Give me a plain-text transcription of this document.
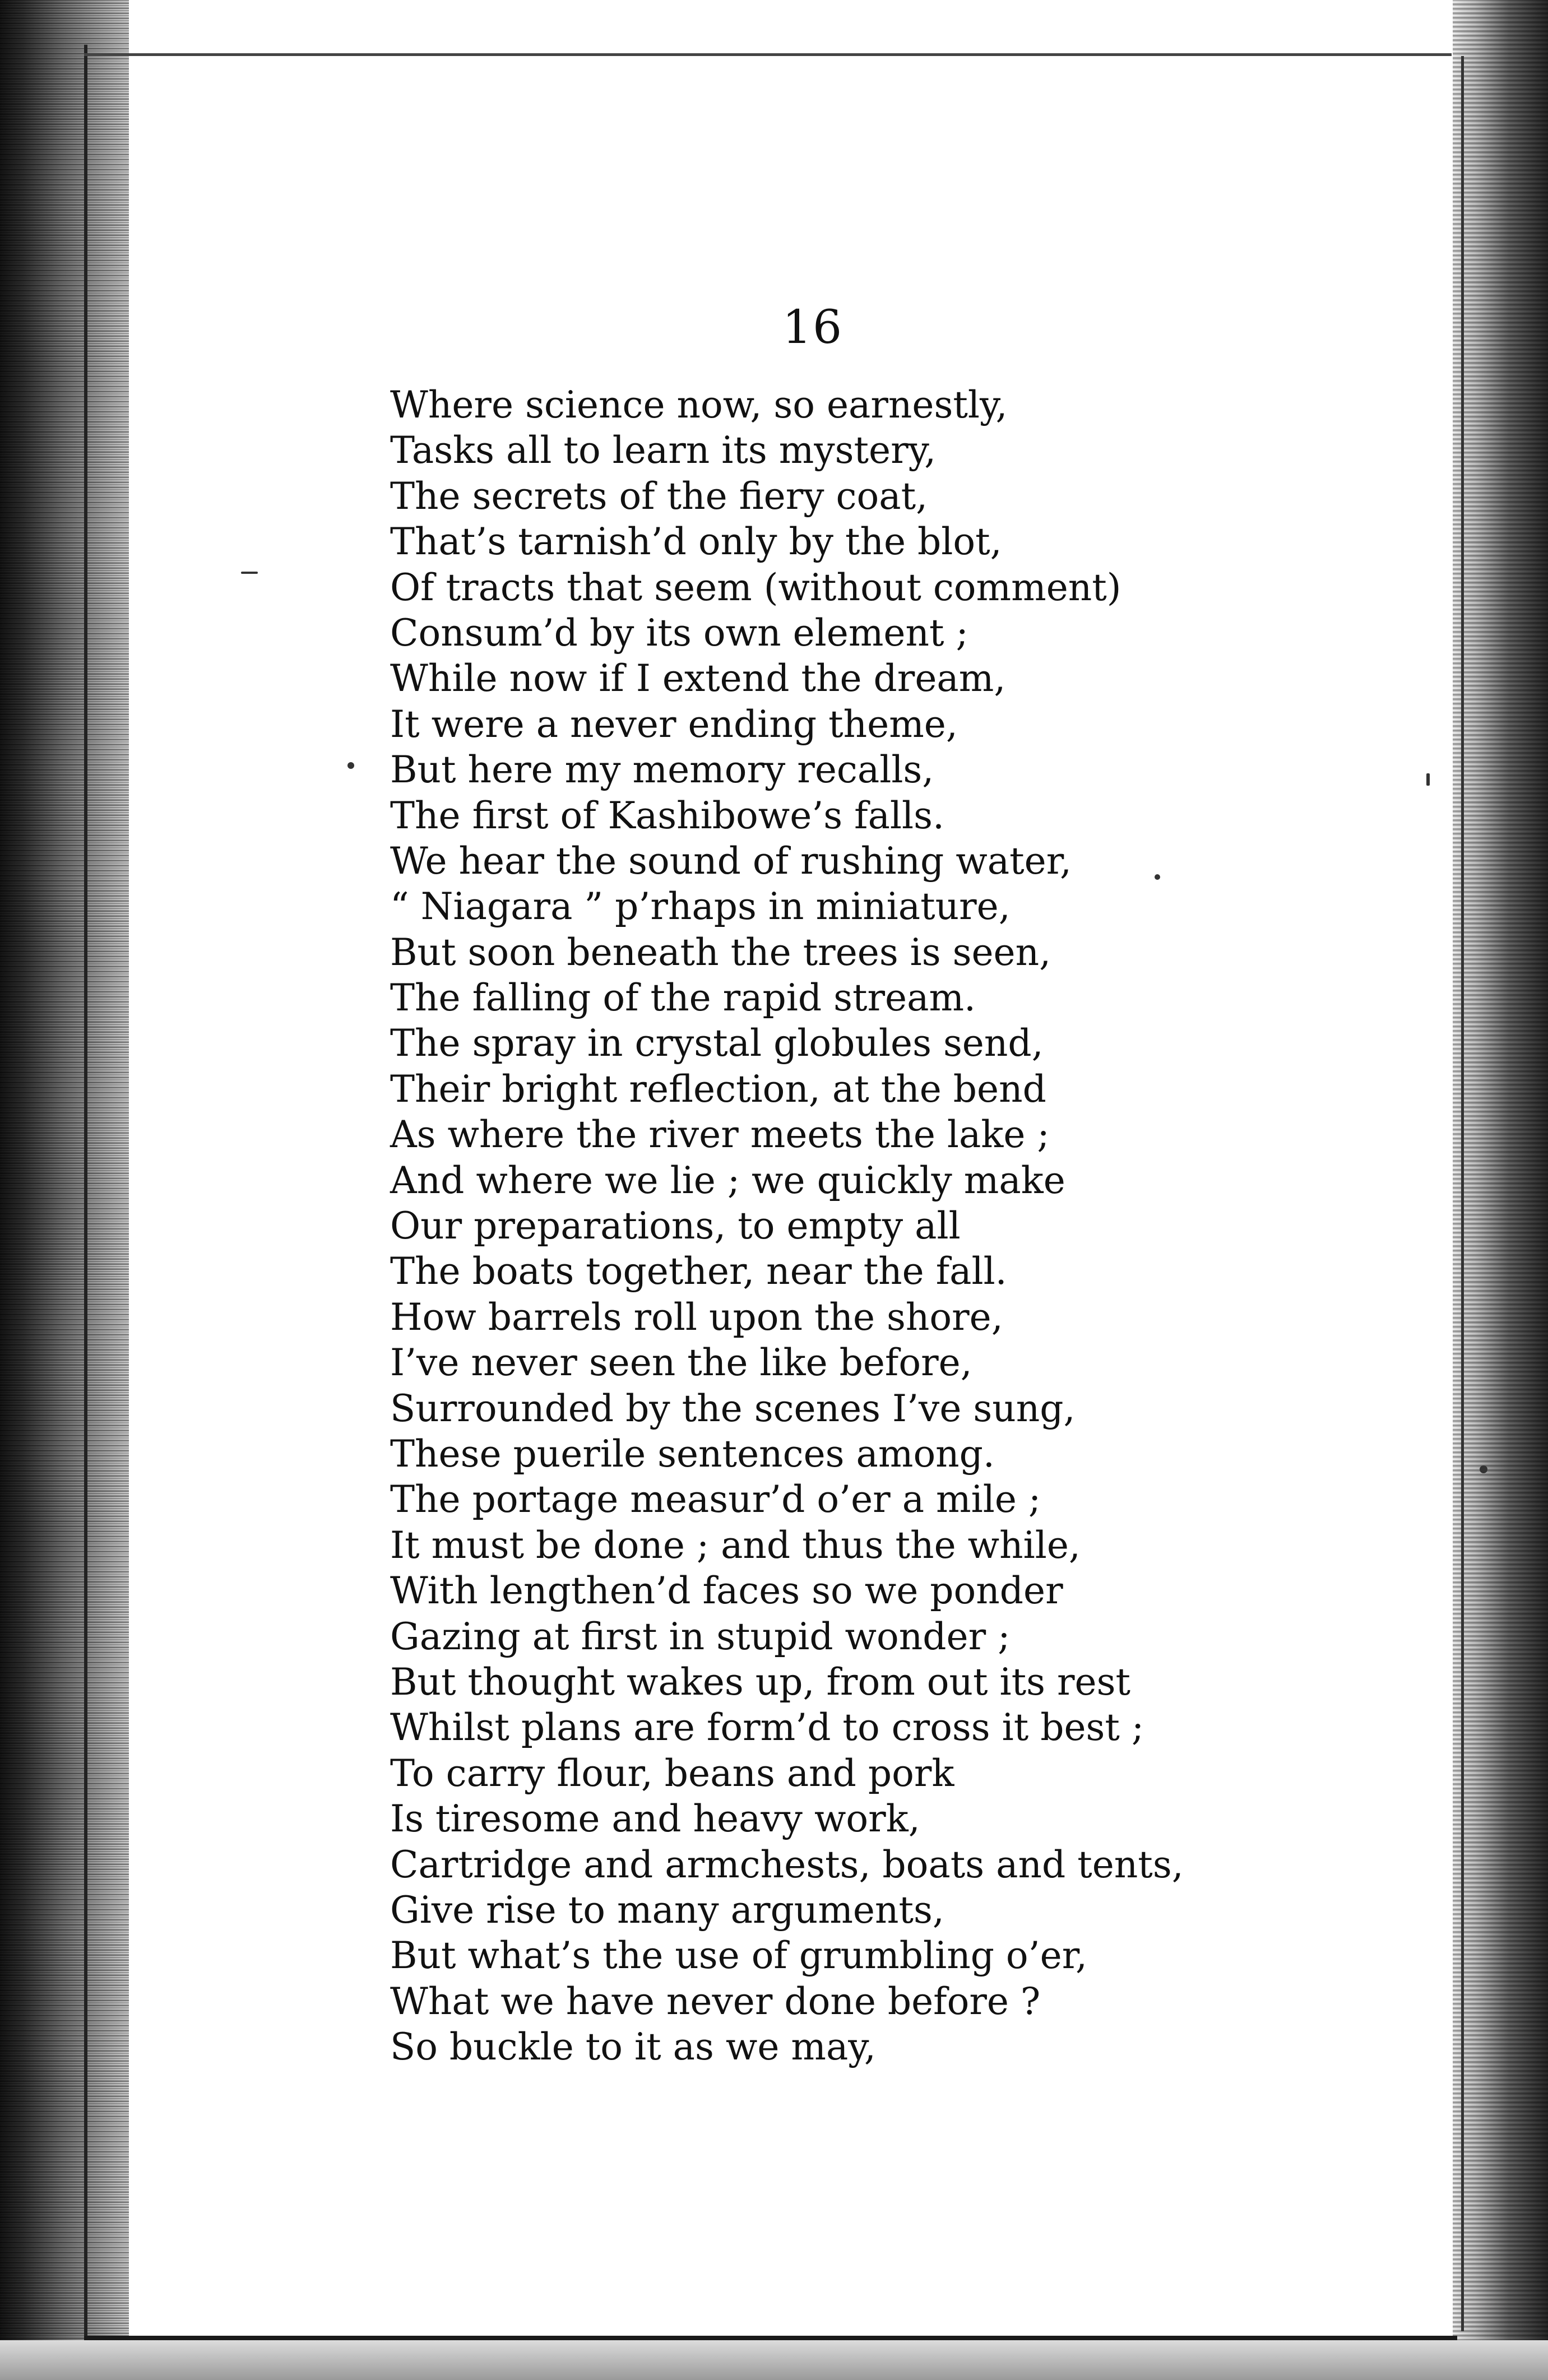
16
Where science now, so earnestly,
Tasks all to learn its mystery,
The secrets of the fiery coat,
That’s tarnish’d only by the blot,
Of tracts that seem (without comment)
Consum’d by its own element ;
While now if I extend the dream,
It were a never ending theme,
But here my memory recalls,
The first of Kashibowe’s falls.
We hear the sound of rushing water,
“ Niagara ” p’rhaps in miniature,
But soon beneath the trees is seen,
The falling of the rapid stream.
The spray in crystal globules send,
Their bright reflection, at the bend
As where the river meets the lake ;
And where we lie ; we quickly make
Our preparations, to empty all
The boats together, near the fall.
How barrels roll upon the shore,
I’ve never seen the like before,
Surrounded by the scenes I’ve sung,
These puerile sentences among.
The portage measur’d o’er a mile ;
It must be done ; and thus the while,
With lengthen’d faces so we ponder
Gazing at first in stupid wonder ;
But thought wakes up, from out its rest
Whilst plans are form’d to cross it best ;
To carry flour, beans and pork
Is tiresome and heavy work,
Cartridge and armchests, boats and tents,
Give rise to many arguments,
But what’s the use of grumbling o’er,
What we have never done before ?
So buckle to it as we may,
